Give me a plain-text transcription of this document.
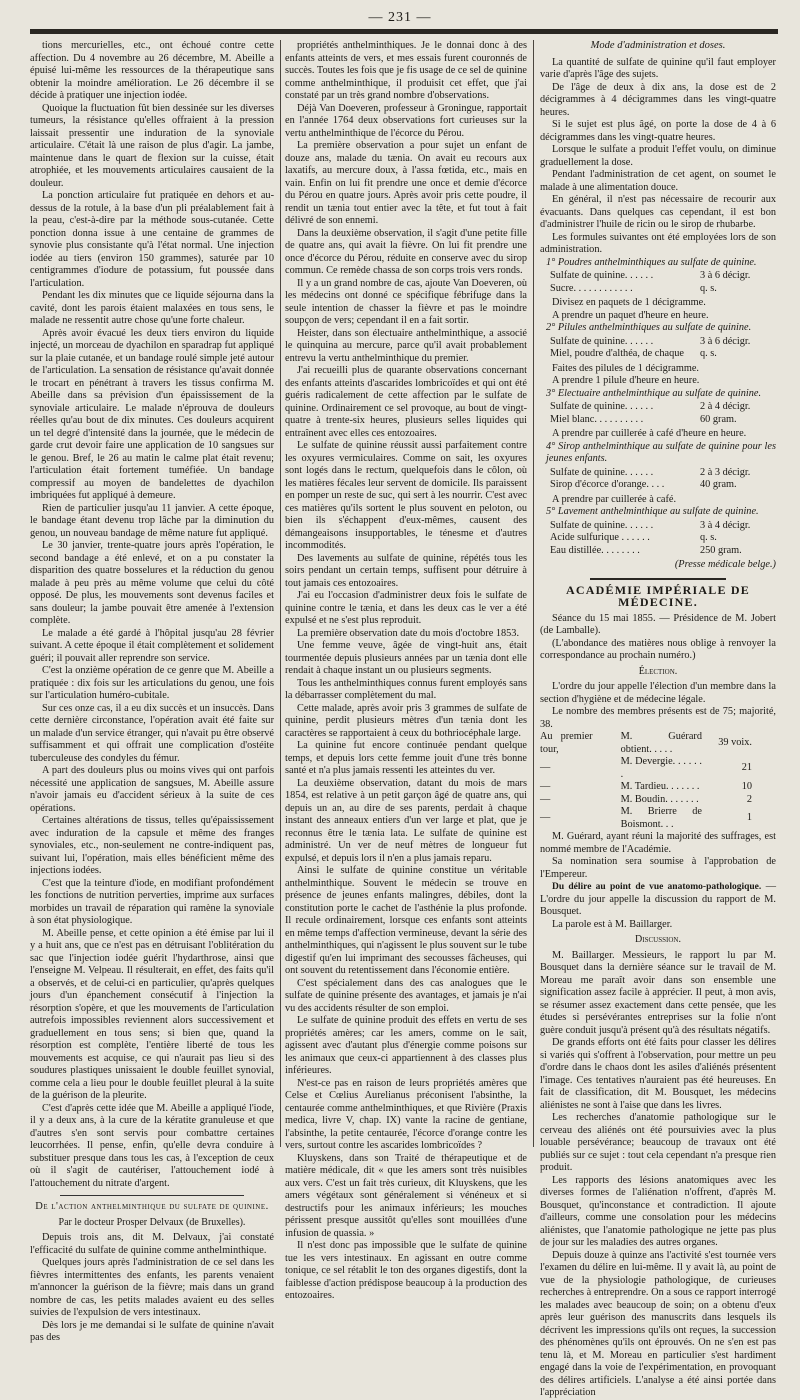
— 231 —

tions mercurielles, etc., ont échoué contre cette affection. Du 4 novembre au 26 décembre, M. Abeille a épuisé lui-même les ressources de la thérapeutique sans obtenir la moindre amélioration. Le 26 décembre il se décide à pratiquer une injection iodée.

Quoique la fluctuation fût bien dessinée sur les diverses tumeurs, la résistance qu'elles offraient à la pression laissait pressentir une induration de la synoviale articulaire. C'était là une raison de plus d'agir. La jambe, maintenue dans le quart de flexion sur la cuisse, était atrophiée, et les mouvements articulaires causaient de la douleur.

La ponction articulaire fut pratiquée en dehors et au-dessus de la rotule, à la base d'un pli préalablement fait à la peau, c'est-à-dire par la méthode sous-cutanée. Cette ponction donna issue à une centaine de grammes de synovie plus consistante qu'à l'état normal. Une injection iodée au tiers (environ 150 grammes), saturée par 10 centigrammes d'iodure de potassium, fut poussée dans l'articulation.

Pendant les dix minutes que ce liquide séjourna dans la cavité, dont les parois étaient malaxées en tous sens, le malade ne ressentit autre chose qu'une forte chaleur.

Après avoir évacué les deux tiers environ du liquide injecté, un morceau de dyachilon en sparadrap fut appliqué sur la plaie cutanée, et un bandage roulé simple jeté autour de l'articulation. La sensation de résistance qu'avait donnée le trocart en pénétrant à travers les tissus confirma M. Abeille dans sa prévision d'un épaississement de la synoviale articulaire. Le malade n'éprouva de douleurs réelles qu'au bout de dix minutes. Ces douleurs acquirent un tel degré d'intensité dans la journée, que le médecin de garde crut devoir faire une application de 10 sangsues sur le genou. Bref, le 26 au matin le calme plat était revenu; l'articulation était fortement tuméfiée. Un bandage compressif au moyen de bandelettes de dyachilon imbriquées fut appliqué à demeure.

Rien de particulier jusqu'au 11 janvier. A cette époque, le bandage étant devenu trop lâche par la diminution du genou, un nouveau bandage de même nature fut appliqué.

Le 30 janvier, trente-quatre jours après l'opération, le second bandage a été enlevé, et on a pu constater la disparition des quatre bosselures et la réduction du genou malade à peu près au même volume que celui du côté opposé. De plus, les mouvements sont devenus faciles et sans douleur; la jambe pouvait être amenée à l'extension complète.

Le malade a été gardé à l'hôpital jusqu'au 28 février suivant. A cette époque il était complètement et solidement guéri; il pouvait aller reprendre son service.

C'est la onzième opération de ce genre que M. Abeille a pratiquée : dix fois sur les articulations du genou, une fois sur l'articulation huméro-cubitale.

Sur ces onze cas, il a eu dix succès et un insuccès. Dans cette dernière circonstance, l'opération avait été faite sur un malade d'un service étranger, qui n'avait pu être observé suffisamment et qui offrait une complication d'ostéite tuberculeuse des condyles du fémur.

A part des douleurs plus ou moins vives qui ont parfois nécessité une application de sangsues, M. Abeille assure n'avoir jamais eu d'accident sérieux à la suite de ces opérations.

Certaines altérations de tissus, telles qu'épaississement avec induration de la capsule et même des franges synoviales, etc., non-seulement ne contre-indiquent pas, suivant lui, l'opération, mais elles bénéficient même des injections iodées.

C'est que la teinture d'iode, en modifiant profondément les fonctions de nutrition perverties, imprime aux surfaces morbides un travail de réparation qui ramène la synoviale à son état physiologique.

M. Abeille pense, et cette opinion a été émise par lui il y a huit ans, que ce n'est pas en détruisant l'oblitération du sac que l'injection iodée guérit l'hydarthrose, ainsi que l'enseigne M. Velpeau. Il résulterait, en effet, des faits qu'il a observés, et de celui-ci en particulier, qu'après quelques jours d'un épanchement consécutif à l'injection la résorption s'opère, et que les mouvements de l'articulation autrefois impossibles reviennent alors successivement et graduellement en tous sens; si bien que, quand la résorption est complète, l'entière liberté de tous les mouvements est acquise, ce qui n'aurait pas lieu si des soudures plastiques unissaient le double feuillet synovial, comme cela a lieu pour le double feuillet pleural à la suite de la guérison de la pleurite.

C'est d'après cette idée que M. Abeille a appliqué l'iode, il y a deux ans, à la cure de la kératite granuleuse et que d'autres s'en sont servis pour combattre certaines leucorrhées. Il pense, enfin, qu'elle devra conduire à substituer presque dans tous les cas, à l'exception de ceux où il s'agit de cautériser, l'attouchement iodé à l'attouchement du nitrate d'argent.

De l'action anthelminthique du sulfate de quinine.
Par le docteur Prosper Delvaux (de Bruxelles).

Depuis trois ans, dit M. Delvaux, j'ai constaté l'efficacité du sulfate de quinine comme anthelminthique.

Quelques jours après l'administration de ce sel dans les fièvres intermittentes des enfants, les parents venaient m'annoncer la guérison de la fièvre; mais dans un grand nombre de cas, les petits malades avaient eu des selles suivies de l'expulsion de vers intestinaux.

Dès lors je me demandai si le sulfate de quinine n'avait pas des

propriétés anthelminthiques. Je le donnai donc à des enfants atteints de vers, et mes essais furent couronnés de succès. Toutes les fois que je fis usage de ce sel de quinine comme anthelminthique, il produisit cet effet, que j'ai constaté par un très grand nombre d'observations.

Déjà Van Doeveren, professeur à Groningue, rapportait en l'année 1764 deux observations fort curieuses sur la vertu anthelminthique de l'écorce du Pérou.

La première observation a pour sujet un enfant de douze ans, malade du tænia. On avait eu recours aux laxatifs, au mercure doux, à l'assa fœtida, etc., mais en vain. Enfin on lui fit prendre une once et demie d'écorce du Pérou en quatre jours. Après avoir pris cette poudre, il rendit un tænia tout entier avec la tête, et fut tout à fait délivré de son ennemi.

Dans la deuxième observation, il s'agit d'une petite fille de quatre ans, qui avait la fièvre. On lui fit prendre une once d'écorce du Pérou, réduite en conserve avec du sirop commun. Ce remède chassa de son corps trois vers ronds.

Il y a un grand nombre de cas, ajoute Van Doeveren, où les médecins ont donné ce spécifique fébrifuge dans la seule intention de chasser la fièvre et pas le moindre soupçon de vers; cependant il en a fait sortir.

Heister, dans son électuaire anthelminthique, a associé le quinquina au mercure, parce qu'il avait probablement entrevu la vertu anthelminthique du premier.

J'ai recueilli plus de quarante observations concernant des enfants atteints d'ascarides lombricoïdes et qui ont été guéris radicalement de cette affection par le sulfate de quinine. Ordinairement ce sel provoque, au bout de vingt-quatre à trente-six heures, plusieurs selles liquides qui entraînent avec elles ces entozoaires.

Le sulfate de quinine réussit aussi parfaitement contre les oxyures vermiculaires. Comme on sait, les oxyures sont logés dans le rectum, quelquefois dans le côlon, où les matières fécales leur servent de domicile. Ils paraissent en pomper un reste de suc, qui sert à les nourrir. C'est avec ces matières qu'ils sortent le plus souvent en peloton, ou bien ils s'échappent d'eux-mêmes, causent des démangeaisons insupportables, le ténesme et d'autres incommodités.

Des lavements au sulfate de quinine, répétés tous les soirs pendant un certain temps, suffisent pour détruire à tout jamais ces entozoaires.

J'ai eu l'occasion d'administrer deux fois le sulfate de quinine contre le tænia, et dans les deux cas le ver a été expulsé et ne s'est plus reproduit.

La première observation date du mois d'octobre 1853.

Une femme veuve, âgée de vingt-huit ans, était tourmentée depuis plusieurs années par un tænia dont elle rendait à chaque instant un ou plusieurs segments.

Tous les anthelminthiques connus furent employés sans la débarrasser complètement du mal.

Cette malade, après avoir pris 3 grammes de sulfate de quinine, perdit plusieurs mètres d'un tænia dont les caractères se rapportaient à ceux du bothriocéphale large.

La quinine fut encore continuée pendant quelque temps, et depuis lors cette femme jouit d'une très bonne santé et n'a plus jamais ressenti les atteintes du ver.

La deuxième observation, datant du mois de mars 1854, est relative à un petit garçon âgé de quatre ans, qui depuis un an, au dire de ses parents, perdait à chaque instant des anneaux entiers d'un ver large et plat, que je reconnus être le tænia lata. Le sulfate de quinine est administré. Un ver de neuf mètres de longueur fut expulsé, et depuis lors il n'en a plus jamais reparu.

Ainsi le sulfate de quinine constitue un véritable anthelminthique. Souvent le médecin se trouve en présence de jeunes enfants malingres, débiles, dont la constitution porte le cachet de l'asthénie la plus profonde. Il recule ordinairement, lorsque ces enfants sont atteints en même temps d'affection vermineuse, devant la série des anthelminthiques, qui n'agissent le plus souvent sur le tube digestif qu'en lui imprimant des secousses fâcheuses, qui ont souvent du retentissement dans l'économie entière.

C'est spécialement dans des cas analogues que le sulfate de quinine présente des avantages, et jamais je n'ai vu des accidents résulter de son emploi.

Le sulfate de quinine produit des effets en vertu de ses propriétés amères; car les amers, comme on le sait, agissent avec d'autant plus d'énergie comme poisons sur les animaux que ceux-ci appartiennent à des classes plus inférieures.

N'est-ce pas en raison de leurs propriétés amères que Celse et Cœlius Aurelianus préconisent l'absinthe, la centaurée comme anthelminthiques, et que Rivière (Praxis medica, livre V, chap. IX) vante la racine de gentiane, l'absinthe, la petite centaurée, l'écorce d'orange contre les vers, surtout contre les ascarides lombricoïdes ?

Kluyskens, dans son Traité de thérapeutique et de matière médicale, dit « que les amers sont très nuisibles aux vers. C'est un fait très curieux, dit Kluyskens, que les amers végétaux sont généralement si vénéneux et si destructifs pour les animaux inférieurs; les mouches périssent presque aussitôt qu'elles sont mouillées d'une infusion de quassia. »

Il n'est donc pas impossible que le sulfate de quinine tue les vers intestinaux. En agissant en outre comme tonique, ce sel rétablit le ton des organes digestifs, dont la faiblesse d'action prédispose beaucoup à la production des entozoaires.

Mode d'administration et doses.

La quantité de sulfate de quinine qu'il faut employer varie d'après l'âge des sujets.

De l'âge de deux à dix ans, la dose est de 2 décigrammes à 4 décigrammes dans les vingt-quatre heures.

Si le sujet est plus âgé, on porte la dose de 4 à 6 décigrammes dans les vingt-quatre heures.

Lorsque le sulfate a produit l'effet voulu, on diminue graduellement la dose.

Pendant l'administration de cet agent, on soumet le malade à une alimentation douce.

En général, il n'est pas nécessaire de recourir aux évacuants. Dans quelques cas cependant, il est bon d'administrer l'huile de ricin ou le sirop de rhubarbe.

Les formules suivantes ont été employées lors de son administration.

1° Poudres anthelminthiques au sulfate de quinine.

Sulfate de quinine. . . . . .	3 à 6 décigr.
Sucre. . . . . . . . . . . .	q. s.

Divisez en paquets de 1 décigramme.

A prendre un paquet d'heure en heure.

2° Pilules anthelminthiques au sulfate de quinine.

Sulfate de quinine. . . . . .	3 à 6 décigr.
Miel, poudre d'althéa, de chaque	q. s.

Faites des pilules de 1 décigramme.

A prendre 1 pilule d'heure en heure.

3° Electuaire anthelminthique au sulfate de quinine.

Sulfate de quinine. . . . . .	2 à 4 décigr.
Miel blanc. . . . . . . . . .	60 gram.

A prendre par cuillerée à café d'heure en heure.

4° Sirop anthelminthique au sulfate de quinine pour les jeunes enfants.

Sulfate de quinine. . . . . .	2 à 3 décigr.
Sirop d'écorce d'orange. . . .	40 gram.

A prendre par cuillerée à café.

5° Lavement anthelminthique au sulfate de quinine.

Sulfate de quinine. . . . . .	3 à 4 décigr.
Acide sulfurique . . . . . .	q. s.
Eau distillée. . . . . . . .	250 gram.

(Presse médicale belge.)

ACADÉMIE IMPÉRIALE DE MÉDECINE.

Séance du 15 mai 1855. — Présidence de M. Jobert (de Lamballe).

(L'abondance des matières nous oblige à renvoyer la correspondance au prochain numéro.)

Élection.

L'ordre du jour appelle l'élection d'un membre dans la section d'hygiène et de médecine légale.

Le nombre des membres présents est de 75; majorité, 38.

Au premier tour,	M. Guérard obtient. . . . .	39 voix.
—	M. Devergie. . . . . . .	21
—	M. Tardieu. . . . . . .	10
—	M. Boudin. . . . . . .	2
—	M. Brierre de Boismont. . .	1

M. Guérard, ayant réuni la majorité des suffrages, est nommé membre de l'Académie.

Sa nomination sera soumise à l'approbation de l'Empereur.

Du délire au point de vue anatomo-pathologique. — L'ordre du jour appelle la discussion du rapport de M. Bousquet.

La parole est à M. Baillarger.

Discussion.

M. Baillarger. Messieurs, le rapport lu par M. Bousquet dans la dernière séance sur le travail de M. Moreau me paraît avoir dans son ensemble une signification assez facile à apprécier. Il peut, à mon avis, se résumer assez exactement dans cette pensée, que les études si persévérantes entreprises sur la folie n'ont guère conduit jusqu'à présent qu'à des résultats négatifs.

De grands efforts ont été faits pour classer les délires si variés qui s'offrent à l'observation, pour mettre un peu d'ordre dans le chaos dont les asiles d'aliénés présentent l'image. Ces tentatives n'auraient pas été heureuses. En fait de classification, dit M. Bousquet, les médecins aliénistes ne sont à l'aise que dans les livres.

Les recherches d'anatomie pathologique sur le cerveau des aliénés ont été poursuivies avec la plus louable persévérance; beaucoup de travaux ont été publiés sur ce sujet : tout cela cependant n'a presque rien produit.

Les rapports des lésions anatomiques avec les diverses formes de l'aliénation n'offrent, d'après M. Bousquet, qu'inconstance et contradiction. Il ajoute d'ailleurs, comme une consolation pour les médecins aliénistes, que l'anatomie pathologique ne jette pas plus de jour sur les maladies des autres organes.

Depuis douze à quinze ans l'activité s'est tournée vers l'examen du délire en lui-même. Il y avait là, au point de vue de la physiologie pathologique, de curieuses recherches à entreprendre. On a sous ce rapport interrogé les malades avec beaucoup de soin; on a obtenu d'eux après leur guérison des manuscrits dans lesquels ils décrivent les impressions qu'ils ont reçues, la succession des phénomènes qu'ils ont éprouvés. On ne s'en est pas tenu là, et M. Moreau en particulier s'est hardiment engagé dans la voie de l'expérimentation, en provoquant des délires artificiels. L'analyse a été ainsi portée dans l'appréciation
